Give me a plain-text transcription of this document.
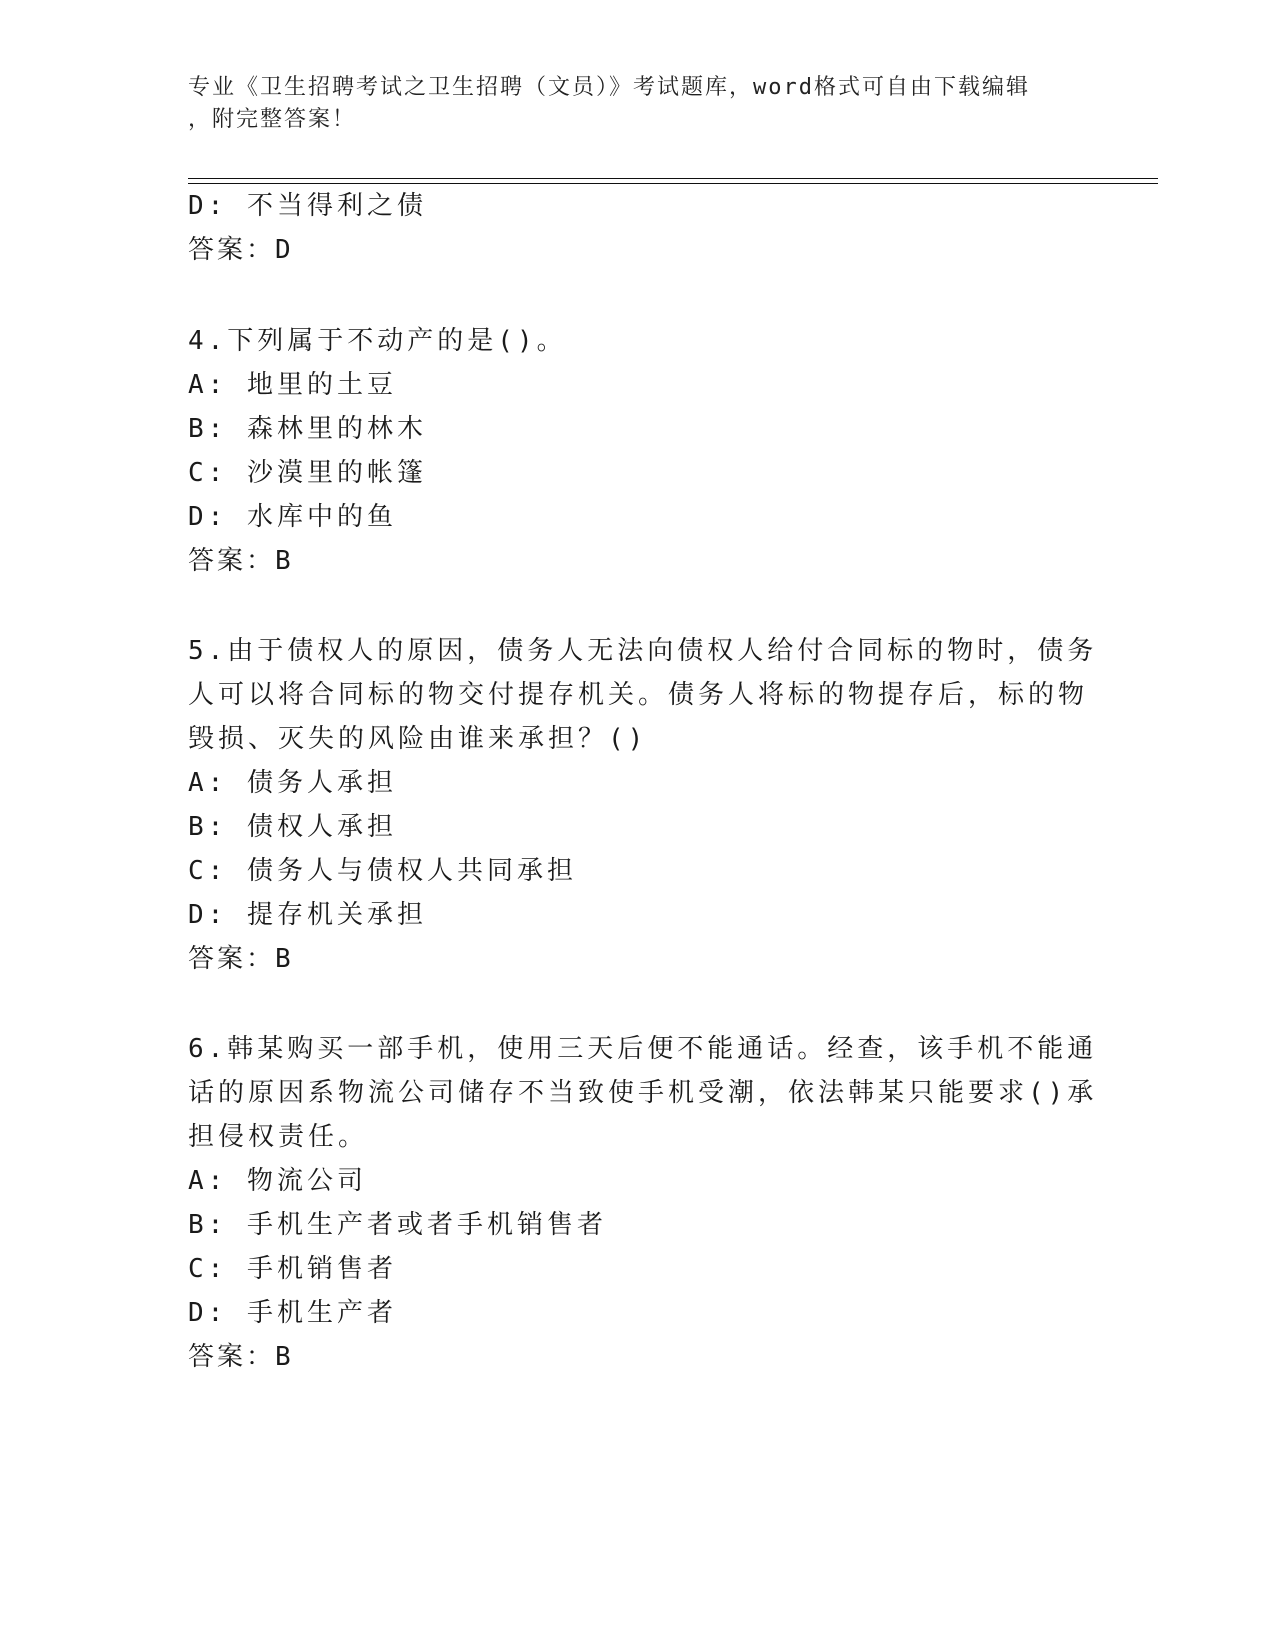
专业《卫生招聘考试之卫生招聘（文员）》考试题库，word格式可自由下载编辑
，附完整答案！
D: 不当得利之债
答案：D
4.下列属于不动产的是()。
A: 地里的土豆
B: 森林里的林木
C: 沙漠里的帐篷
D: 水库中的鱼
答案：B
5.由于债权人的原因，债务人无法向债权人给付合同标的物时，债务
人可以将合同标的物交付提存机关。债务人将标的物提存后，标的物
毁损、灭失的风险由谁来承担？()
A: 债务人承担
B: 债权人承担
C: 债务人与债权人共同承担
D: 提存机关承担
答案：B
6.韩某购买一部手机，使用三天后便不能通话。经查，该手机不能通
话的原因系物流公司储存不当致使手机受潮，依法韩某只能要求()承
担侵权责任。
A: 物流公司
B: 手机生产者或者手机销售者
C: 手机销售者
D: 手机生产者
答案：B
